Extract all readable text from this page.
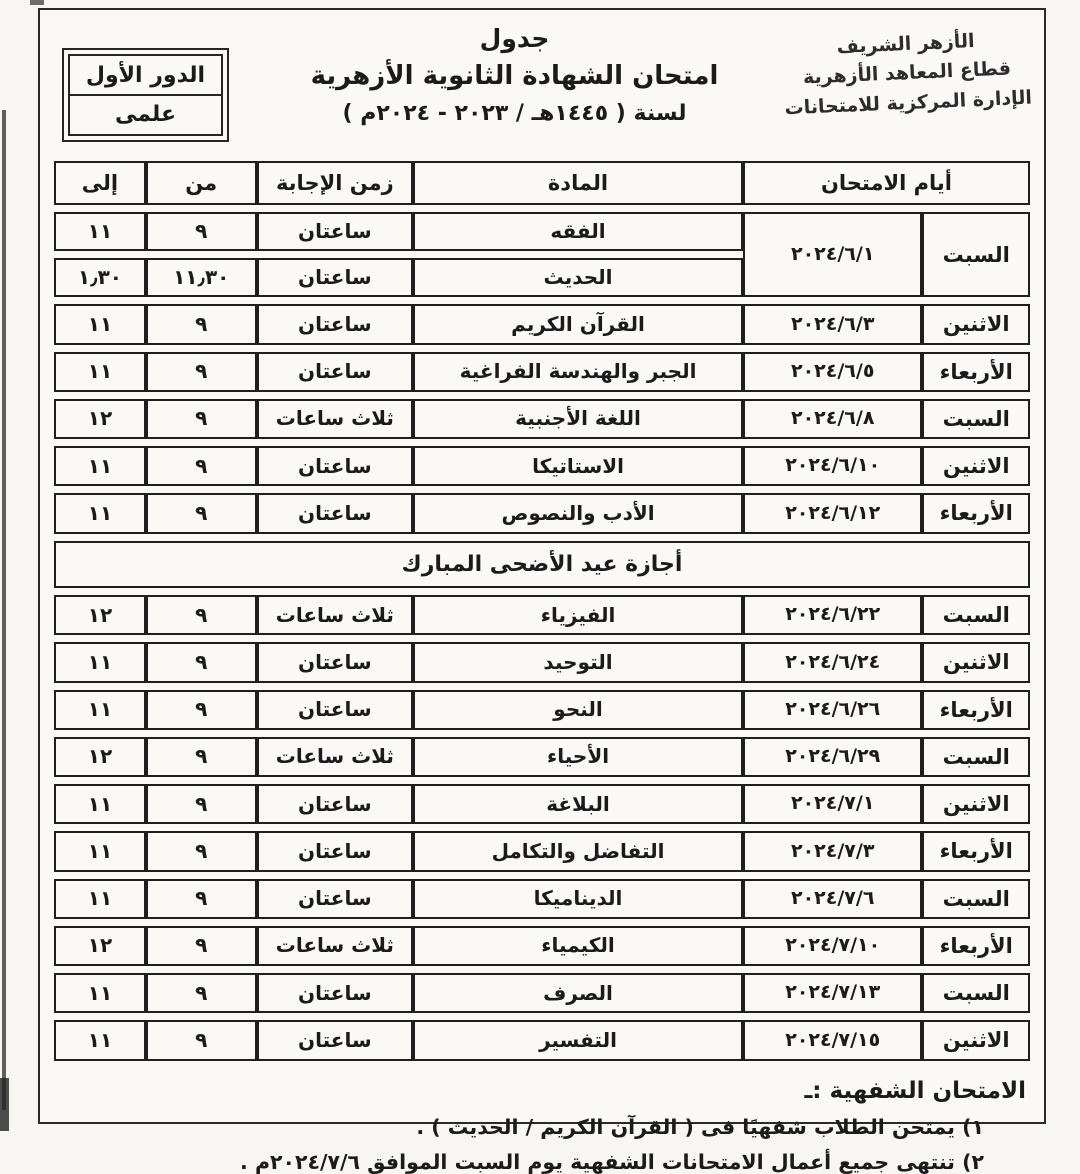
الأزهر الشريف
قطاع المعاهد الأزهرية
الإدارة المركزية للامتحانات
جدول
امتحان الشهادة الثانوية الأزهرية
لسنة ( ١٤٤٥هـ / ٢٠٢٣ - ٢٠٢٤م )
الدور الأول
علمى
أيام الامتحان		المادة	زمن الإجابة	من	إلى
السبت	٢٠٢٤/٦/١	الفقه	ساعتان	٩	١١
		الحديث	ساعتان	١١٫٣٠	١٫٣٠
الاثنين	٢٠٢٤/٦/٣	القرآن الكريم	ساعتان	٩	١١
الأربعاء	٢٠٢٤/٦/٥	الجبر والهندسة الفراغية	ساعتان	٩	١١
السبت	٢٠٢٤/٦/٨	اللغة الأجنبية	ثلاث ساعات	٩	١٢
الاثنين	٢٠٢٤/٦/١٠	الاستاتيكا	ساعتان	٩	١١
الأربعاء	٢٠٢٤/٦/١٢	الأدب والنصوص	ساعتان	٩	١١
أجازة عيد الأضحى المبارك					
السبت	٢٠٢٤/٦/٢٢	الفيزياء	ثلاث ساعات	٩	١٢
الاثنين	٢٠٢٤/٦/٢٤	التوحيد	ساعتان	٩	١١
الأربعاء	٢٠٢٤/٦/٢٦	النحو	ساعتان	٩	١١
السبت	٢٠٢٤/٦/٢٩	الأحياء	ثلاث ساعات	٩	١٢
الاثنين	٢٠٢٤/٧/١	البلاغة	ساعتان	٩	١١
الأربعاء	٢٠٢٤/٧/٣	التفاضل والتكامل	ساعتان	٩	١١
السبت	٢٠٢٤/٧/٦	الديناميكا	ساعتان	٩	١١
الأربعاء	٢٠٢٤/٧/١٠	الكيمياء	ثلاث ساعات	٩	١٢
السبت	٢٠٢٤/٧/١٣	الصرف	ساعتان	٩	١١
الاثنين	٢٠٢٤/٧/١٥	التفسير	ساعتان	٩	١١
الامتحان الشفهية :ـ
١) يمتحن الطلاب شفهيًا فى ( القرآن الكريم / الحديث ) .
٢) تنتهى جميع أعمال الامتحانات الشفهية يوم السبت الموافق ٢٠٢٤/٧/٦م .
